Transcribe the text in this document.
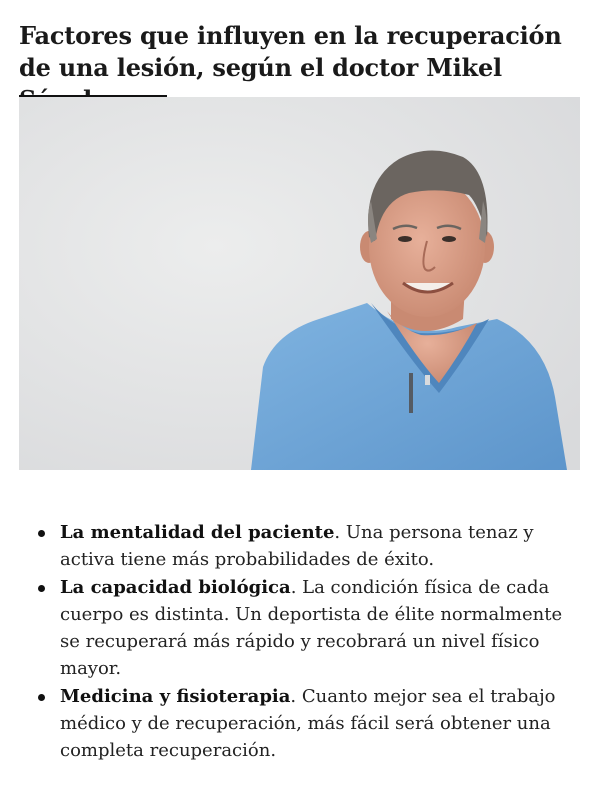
Factores que influyen en la recuperación de una lesión, según el doctor Mikel
La mentalidad del paciente. Una persona tenaz y activa tiene más probabilidades de éxito.
La capacidad biológica. La condición física de cada cuerpo es distinta. Un deportista de élite normalmente se recuperará más rápido y recobrará un nivel físico mayor.
Medicina y fisioterapia. Cuanto mejor sea el trabajo médico y de recuperación, más fácil será obtener una completa recuperación.
